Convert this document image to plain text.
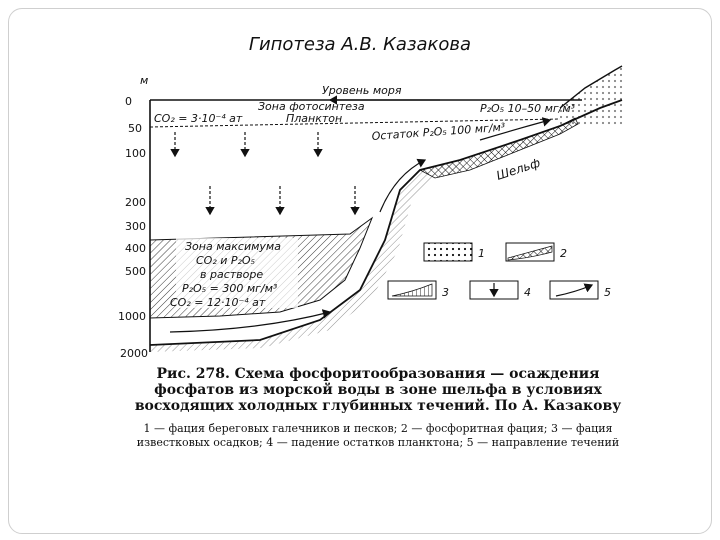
Гипотеза А.В. Казакова
м
0
50
100
200
300
400
500
1000
2000
Уровень моря
Зона фотосинтеза
Планктон
CO₂ = 3·10⁻⁴ ат
P₂O₅ 10–50 мг/м³
Остаток P₂O₅ 100 мг/м³
Шельф
Зона максимума
CO₂ и P₂O₅
в растворе
P₂O₅ = 300 мг/м³
CO₂ = 12·10⁻⁴ ат
1	2
3	4	5
Рис. 278. Схема фосфоритообразования — осаждения фосфатов из морской воды в зоне шельфа в условиях восходящих холодных глубинных течений. По А. Казакову
1 — фация береговых галечников и песков; 2 — фосфоритная фация; 3 — фация известковых осадков; 4 — падение остатков планктона; 5 — направление течений
